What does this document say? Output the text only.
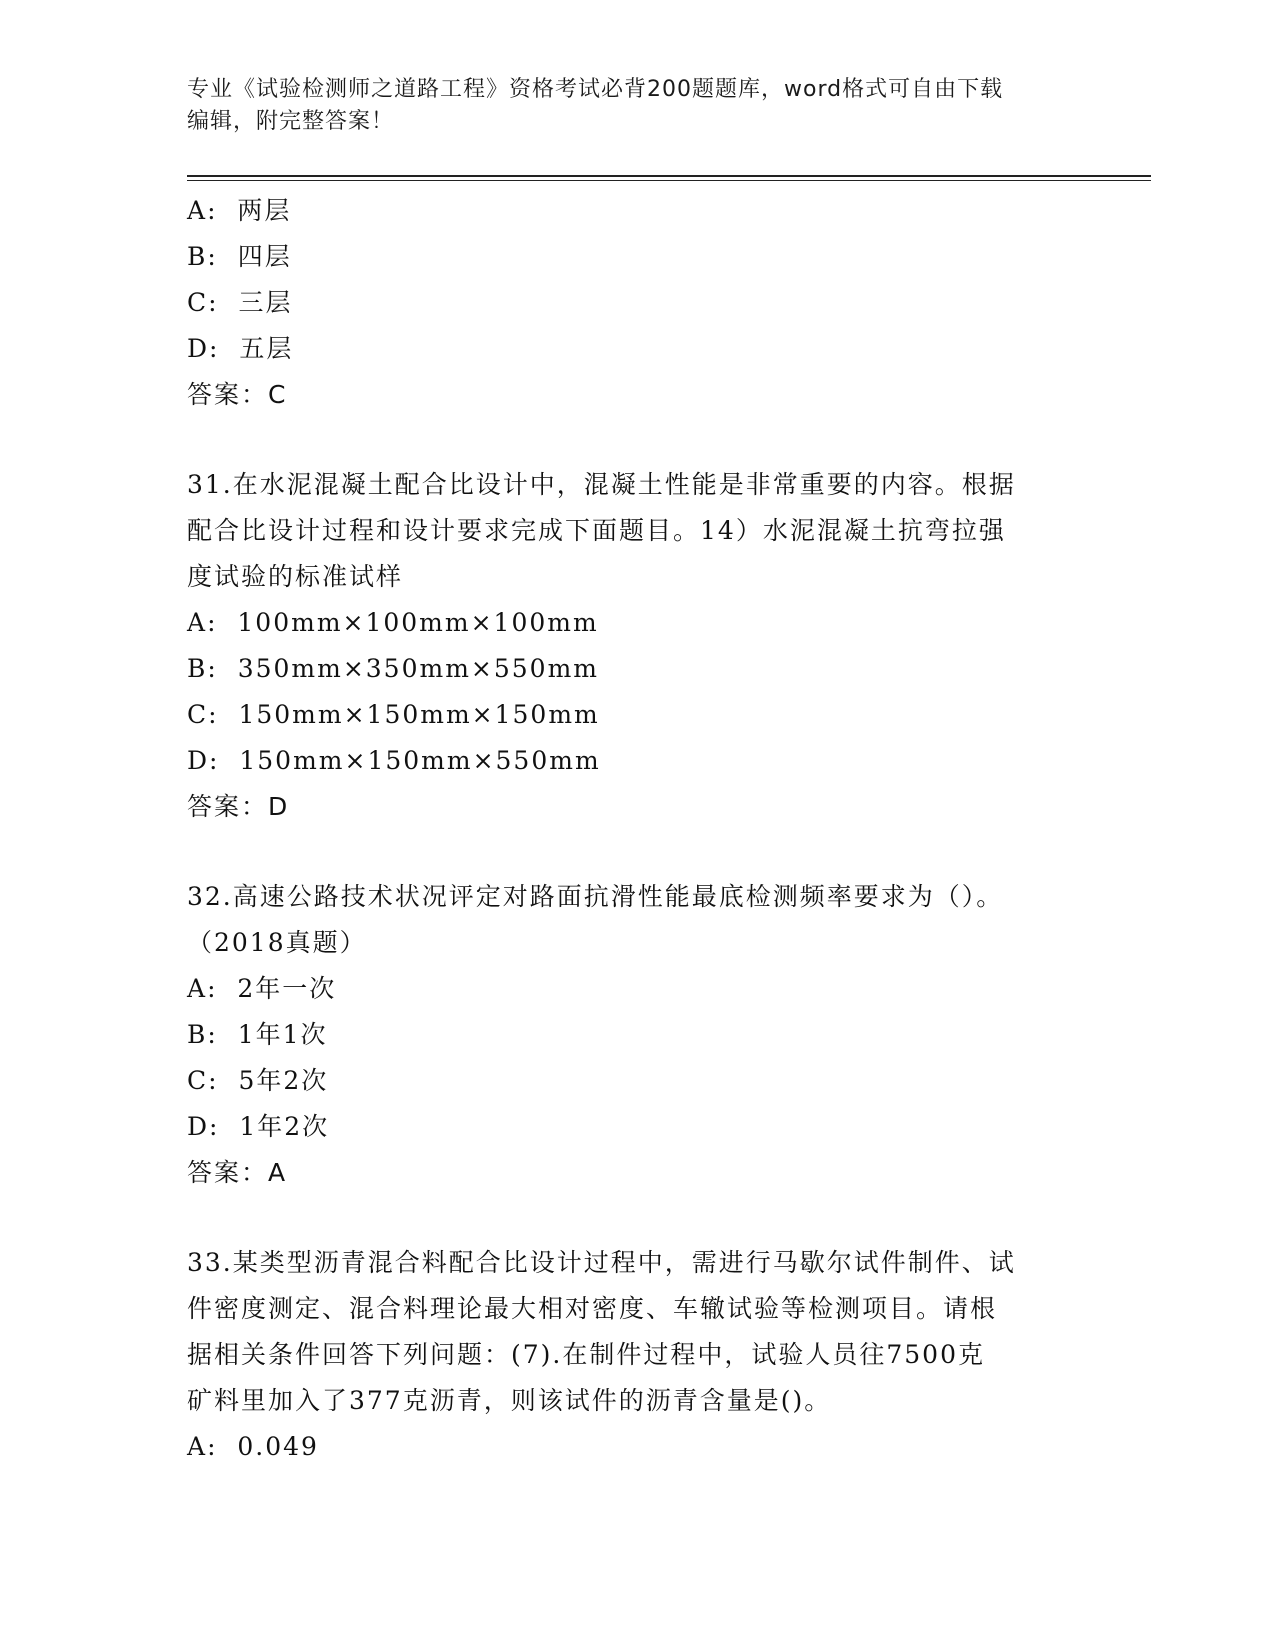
专业《试验检测师之道路工程》资格考试必背200题题库，word格式可自由下载
编辑，附完整答案！
A:  两层
B:  四层
C:  三层
D:  五层
答案：C
31.在水泥混凝土配合比设计中，混凝土性能是非常重要的内容。根据
配合比设计过程和设计要求完成下面题目。14）水泥混凝土抗弯拉强
度试验的标准试样
A:  100mm×100mm×100mm
B:  350mm×350mm×550mm
C:  150mm×150mm×150mm
D:  150mm×150mm×550mm
答案：D
32.高速公路技术状况评定对路面抗滑性能最底检测频率要求为（）。
（2018真题）
A:  2年一次
B:  1年1次
C:  5年2次
D:  1年2次
答案：A
33.某类型沥青混合料配合比设计过程中，需进行马歇尔试件制件、试
件密度测定、混合料理论最大相对密度、车辙试验等检测项目。请根
据相关条件回答下列问题：(7).在制件过程中，试验人员往7500克
矿料里加入了377克沥青，则该试件的沥青含量是()。
A:  0.049
